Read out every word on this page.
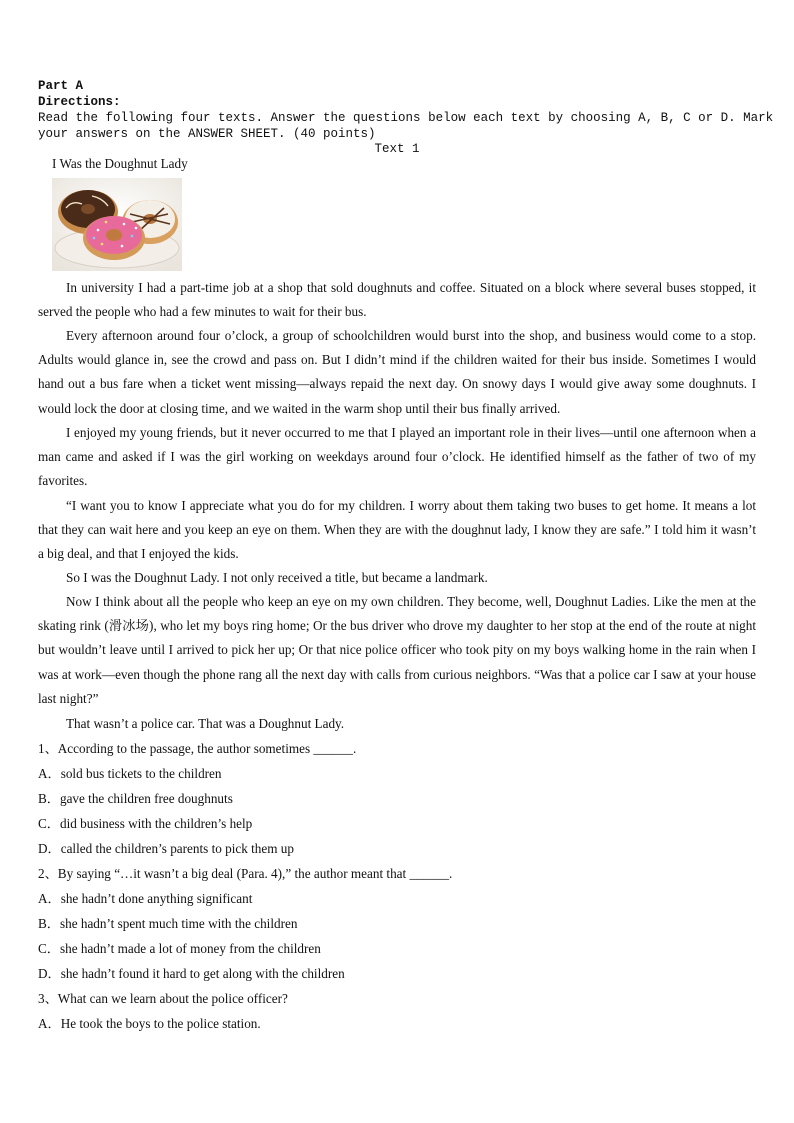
Part A
Directions:
Read the following four texts. Answer the questions below each text by choosing A, B, C or D. Mark
your answers on the ANSWER SHEET. (40 points)
Text 1
I Was the Doughnut Lady
In university I had a part-time job at a shop that sold doughnuts and coffee. Situated on a block where several buses stopped, it served the people who had a few minutes to wait for their bus.
Every afternoon around four o’clock, a group of schoolchildren would burst into the shop, and business would come to a stop. Adults would glance in, see the crowd and pass on. But I didn’t mind if the children waited for their bus inside. Sometimes I would hand out a bus fare when a ticket went missing—always repaid the next day. On snowy days I would give away some doughnuts. I would lock the door at closing time, and we waited in the warm shop until their bus finally arrived.
I enjoyed my young friends, but it never occurred to me that I played an important role in their lives—until one afternoon when a man came and asked if I was the girl working on weekdays around four o’clock. He identified himself as the father of two of my favorites.
“I want you to know I appreciate what you do for my children. I worry about them taking two buses to get home. It means a lot that they can wait here and you keep an eye on them. When they are with the doughnut lady, I know they are safe.” I told him it wasn’t a big deal, and that I enjoyed the kids.
So I was the Doughnut Lady. I not only received a title, but became a landmark.
Now I think about all the people who keep an eye on my own children. They become, well, Doughnut Ladies. Like the men at the skating rink (滑冰场), who let my boys ring home; Or the bus driver who drove my daughter to her stop at the end of the route at night but wouldn’t leave until I arrived to pick her up; Or that nice police officer who took pity on my boys walking home in the rain when I was at work—even though the phone rang all the next day with calls from curious neighbors. “Was that a police car I saw at your house last night?”
That wasn’t a police car. That was a Doughnut Lady.
1、According to the passage, the author sometimes ______.
A．sold bus tickets to the children
B．gave the children free doughnuts
C．did business with the children’s help
D．called the children’s parents to pick them up
2、By saying “…it wasn’t a big deal (Para. 4),” the author meant that ______.
A．she hadn’t done anything significant
B．she hadn’t spent much time with the children
C．she hadn’t made a lot of money from the children
D．she hadn’t found it hard to get along with the children
3、What can we learn about the police officer?
A．He took the boys to the police station.
